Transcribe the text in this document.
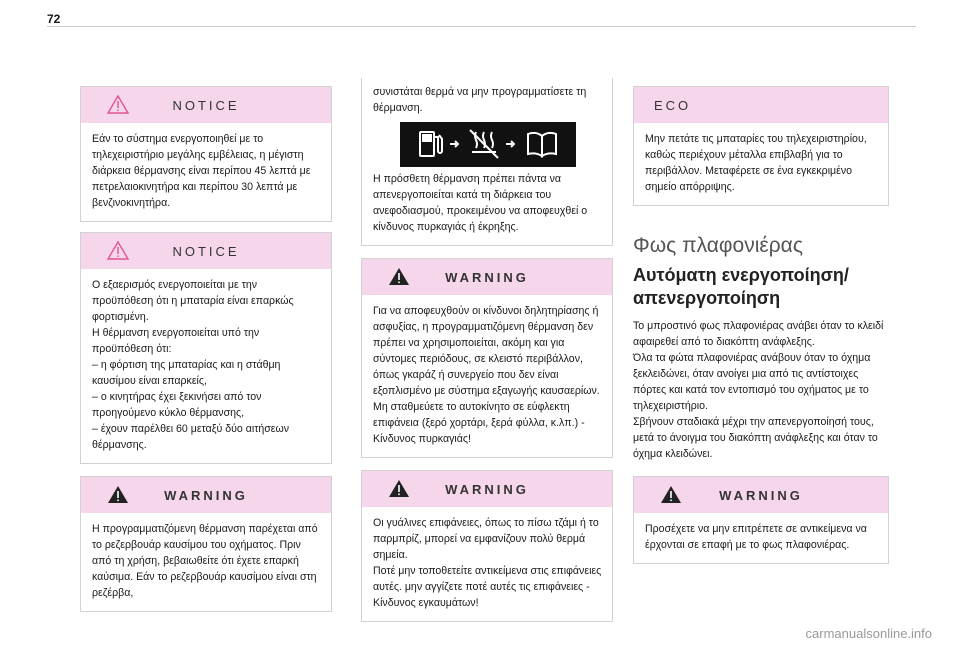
72
NOTICE

Εάν το σύστημα ενεργοποιηθεί με το τηλεχειριστήριο μεγάλης εμβέλειας, η μέγιστη διάρκεια θέρμανσης είναι περίπου 45 λεπτά με πετρελαιοκινητήρα και περίπου 30 λεπτά με βενζινοκινητήρα.

NOTICE

Ο εξαερισμός ενεργοποιείται με την προϋπόθεση ότι η μπαταρία είναι επαρκώς φορτισμένη.

Η θέρμανση ενεργοποιείται υπό την προϋπόθεση ότι:

– η φόρτιση της μπαταρίας και η στάθμη καυσίμου είναι επαρκείς,

– ο κινητήρας έχει ξεκινήσει από τον προηγούμενο κύκλο θέρμανσης,

– έχουν παρέλθει 60 μεταξύ δύο αιτήσεων θέρμανσης.

WARNING

Η προγραμματιζόμενη θέρμανση παρέχεται από το ρεζερβουάρ καυσίμου του οχήματος. Πριν από τη χρήση, βεβαιωθείτε ότι έχετε επαρκή καύσιμα. Εάν το ρεζερβουάρ καυσίμου είναι στη ρεζέρβα,

συνιστάται θερμά να μην προγραμματίσετε τη θέρμανση.

Η πρόσθετη θέρμανση πρέπει πάντα να απενεργοποιείται κατά τη διάρκεια του ανεφοδιασμού, προκειμένου να αποφευχθεί ο κίνδυνος πυρκαγιάς ή έκρηξης.

WARNING

Για να αποφευχθούν οι κίνδυνοι δηλητηρίασης ή ασφυξίας, η προγραμματιζόμενη θέρμανση δεν πρέπει να χρησιμοποιείται, ακόμη και για σύντομες περιόδους, σε κλειστό περιβάλλον, όπως γκαράζ ή συνεργείο που δεν είναι εξοπλισμένο με σύστημα εξαγωγής καυσαερίων.

Μη σταθμεύετε το αυτοκίνητο σε εύφλεκτη επιφάνεια (ξερό χορτάρι, ξερά φύλλα, κ.λπ.) - Κίνδυνος πυρκαγιάς!

WARNING

Οι γυάλινες επιφάνειες, όπως το πίσω τζάμι ή το παρμπρίζ, μπορεί να εμφανίζουν πολύ θερμά σημεία.

Ποτέ μην τοποθετείτε αντικείμενα στις επιφάνειες αυτές. μην αγγίζετε ποτέ αυτές τις επιφάνειες - Κίνδυνος εγκαυμάτων!

ECO

Μην πετάτε τις μπαταρίες του τηλεχειριστηρίου, καθώς περιέχουν μέταλλα επιβλαβή για το περιβάλλον. Μεταφέρετε σε ένα εγκεκριμένο σημείο απόρριψης.

Φως πλαφονιέρας
Αυτόματη ενεργοποίηση/ απενεργοποίηση

Το μπροστινό φως πλαφονιέρας ανάβει όταν το κλειδί αφαιρεθεί από το διακόπτη ανάφλεξης.

Όλα τα φώτα πλαφονιέρας ανάβουν όταν το όχημα ξεκλειδώνει, όταν ανοίγει μια από τις αντίστοιχες πόρτες και κατά τον εντοπισμό του οχήματος με το τηλεχειριστήριο.

Σβήνουν σταδιακά μέχρι την απενεργοποίησή τους, μετά το άνοιγμα του διακόπτη ανάφλεξης και όταν το όχημα κλειδώνει.

WARNING

Προσέχετε να μην επιτρέπετε σε αντικείμενα να έρχονται σε επαφή με το φως πλαφονιέρας.

carmanualsonline.info
